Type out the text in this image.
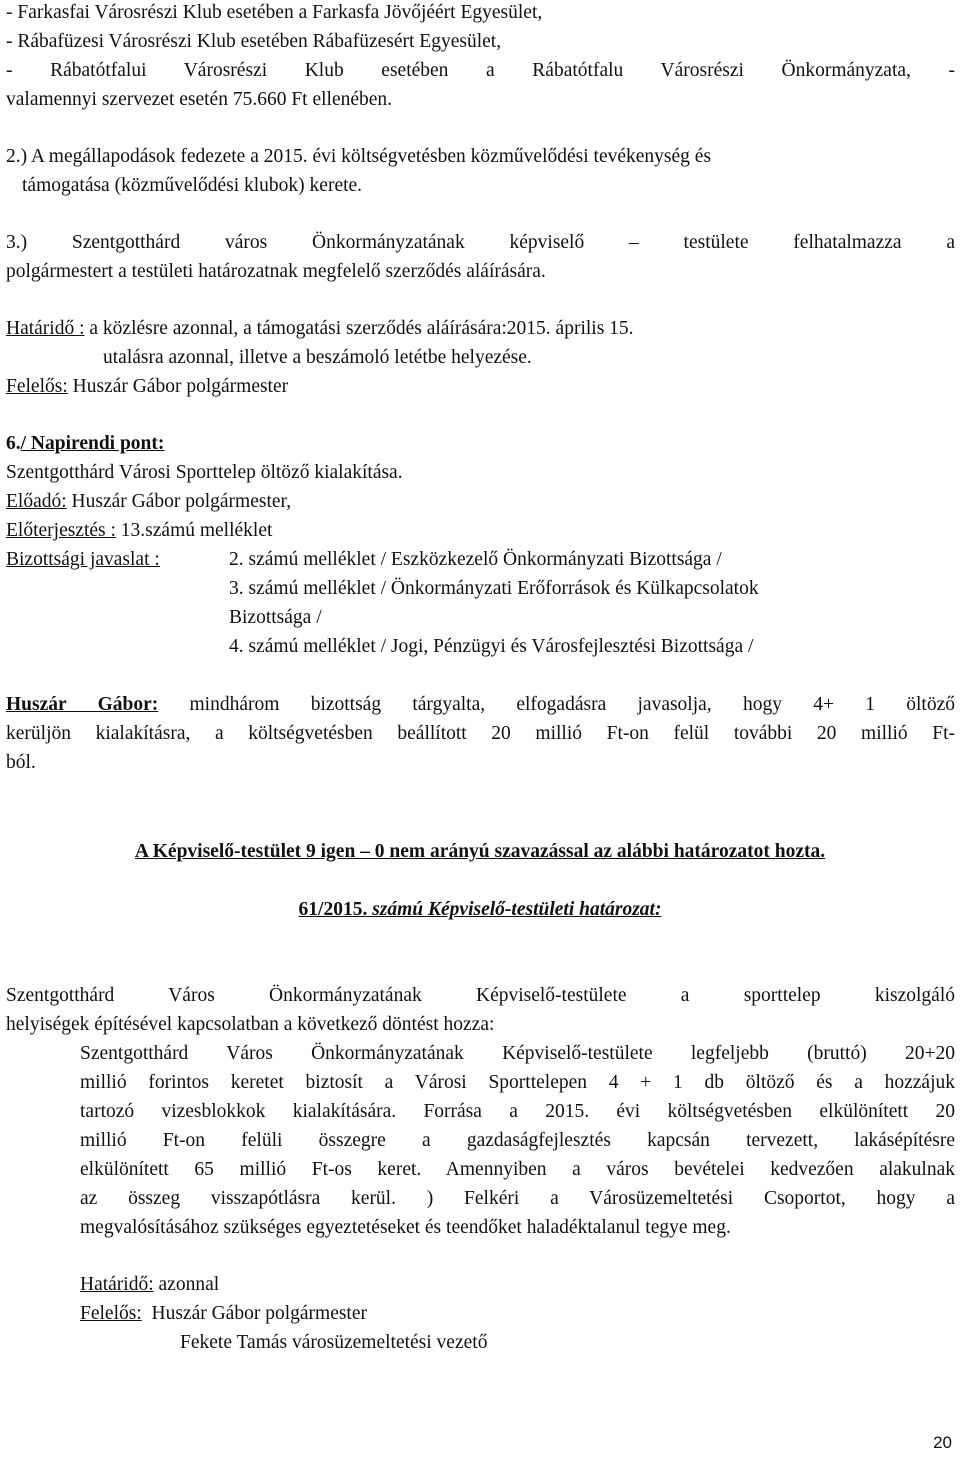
- Farkasfai Városrészi Klub esetében a Farkasfa Jövőjéért Egyesület,
- Rábafüzesi Városrészi Klub esetében Rábafüzesért Egyesület,
- Rábatótfalui Városrészi Klub esetében a Rábatótfalu Városrészi Önkormányzata, -
valamennyi szervezet esetén 75.660 Ft ellenében.
2.) A megállapodások fedezete a 2015. évi költségvetésben közművelődési tevékenység és
támogatása (közművelődési klubok) kerete.
3.) Szentgotthárd város Önkormányzatának képviselő – testülete felhatalmazza a
polgármestert a testületi határozatnak megfelelő szerződés aláírására.
Határidő : a közlésre azonnal, a támogatási szerződés aláírására:2015. április 15.
utalásra azonnal, illetve a beszámoló letétbe helyezése.
Felelős: Huszár Gábor polgármester
6./ Napirendi pont:
Szentgotthárd Városi Sporttelep öltöző kialakítása.
Előadó: Huszár Gábor polgármester,
Előterjesztés : 13.számú melléklet
Bizottsági javaslat :	2. számú melléklet / Eszközkezelő Önkormányzati Bizottsága /
3. számú melléklet / Önkormányzati Erőforrások és Külkapcsolatok
Bizottsága /
4. számú melléklet / Jogi, Pénzügyi és Városfejlesztési Bizottsága /
Huszár Gábor: mindhárom bizottság tárgyalta, elfogadásra javasolja, hogy 4+ 1 öltöző
kerüljön kialakításra, a költségvetésben beállított 20 millió Ft-on felül további 20 millió Ft-
ból.
A Képviselő-testület 9 igen – 0 nem arányú szavazással az alábbi határozatot hozta.
61/2015. számú Képviselő-testületi határozat:
Szentgotthárd Város Önkormányzatának Képviselő-testülete a sporttelep kiszolgáló
helyiségek építésével kapcsolatban a következő döntést hozza:
Szentgotthárd Város Önkormányzatának Képviselő-testülete legfeljebb (bruttó) 20+20
millió forintos keretet biztosít a Városi Sporttelepen 4 + 1 db öltöző és a hozzájuk
tartozó vizesblokkok kialakítására. Forrása a 2015. évi költségvetésben elkülönített 20
millió Ft-on felüli összegre a gazdaságfejlesztés kapcsán tervezett, lakásépítésre
elkülönített 65 millió Ft-os keret. Amennyiben a város bevételei kedvezően alakulnak
az összeg visszapótlásra kerül. ) Felkéri a Városüzemeltetési Csoportot, hogy a
megvalósításához szükséges egyeztetéseket és teendőket haladéktalanul tegye meg.
Határidő: azonnal
Felelős:  Huszár Gábor polgármester
Fekete Tamás városüzemeltetési vezető
20
